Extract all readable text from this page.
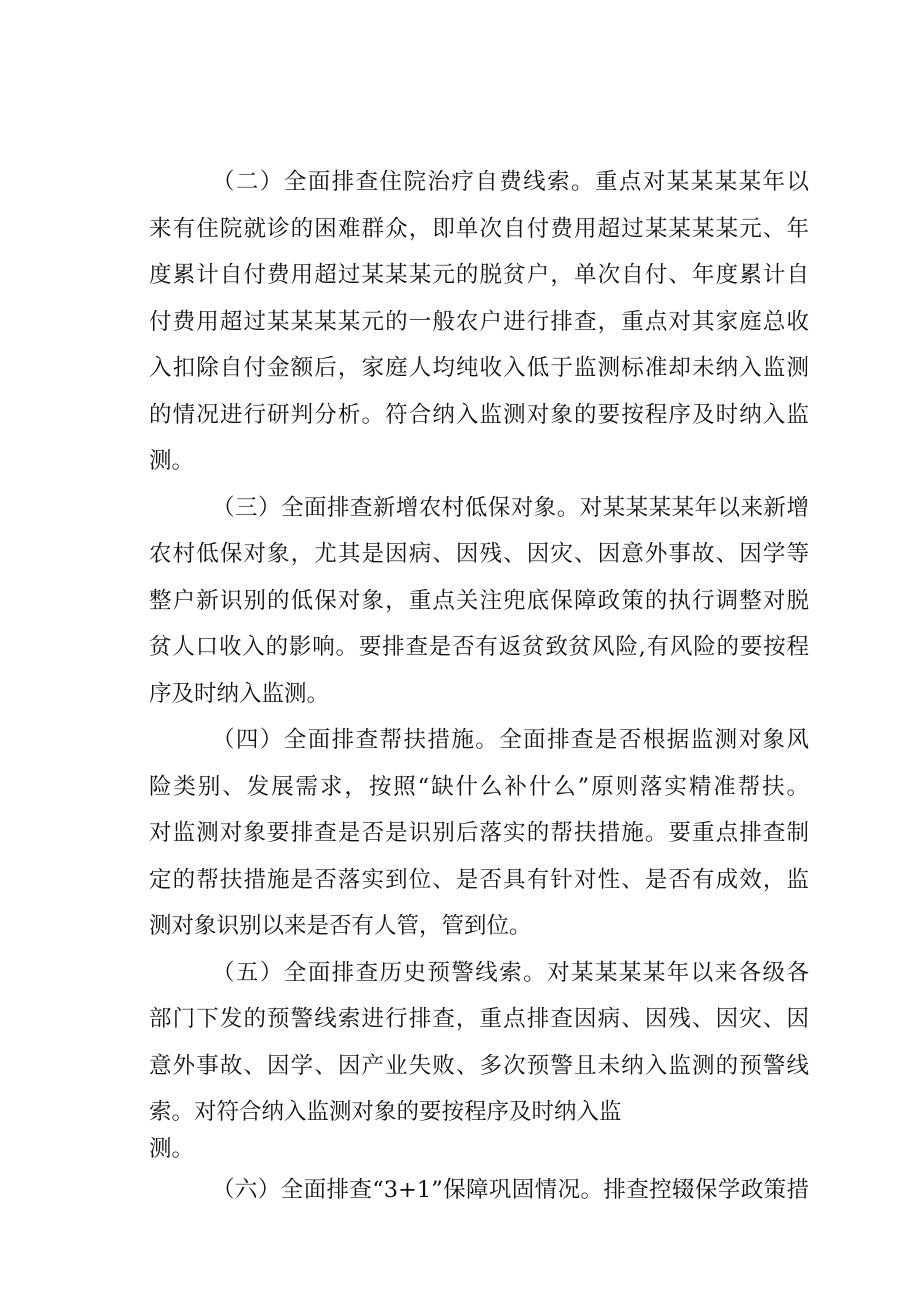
（二）全面排查住院治疗自费线索。重点对某某某某年以
来有住院就诊的困难群众，即单次自付费用超过某某某某元、年
度累计自付费用超过某某某元的脱贫户，单次自付、年度累计自
付费用超过某某某某元的一般农户进行排查，重点对其家庭总收
入扣除自付金额后，家庭人均纯收入低于监测标准却未纳入监测
的情况进行研判分析。符合纳入监测对象的要按程序及时纳入监
测。
（三）全面排查新增农村低保对象。对某某某某年以来新增
农村低保对象，尤其是因病、因残、因灾、因意外事故、因学等
整户新识别的低保对象，重点关注兜底保障政策的执行调整对脱
贫人口收入的影响。要排查是否有返贫致贫风险,有风险的要按程
序及时纳入监测。
（四）全面排查帮扶措施。全面排查是否根据监测对象风
险类别、发展需求，按照“缺什么补什么”原则落实精准帮扶。
对监测对象要排查是否是识别后落实的帮扶措施。要重点排查制
定的帮扶措施是否落实到位、是否具有针对性、是否有成效，监
测对象识别以来是否有人管，管到位。
（五）全面排查历史预警线索。对某某某某年以来各级各
部门下发的预警线索进行排查，重点排查因病、因残、因灾、因
意外事故、因学、因产业失败、多次预警且未纳入监测的预警线
索。对符合纳入监测对象的要按程序及时纳入监
测。
（六）全面排查“3+1”保障巩固情况。排查控辍保学政策措
